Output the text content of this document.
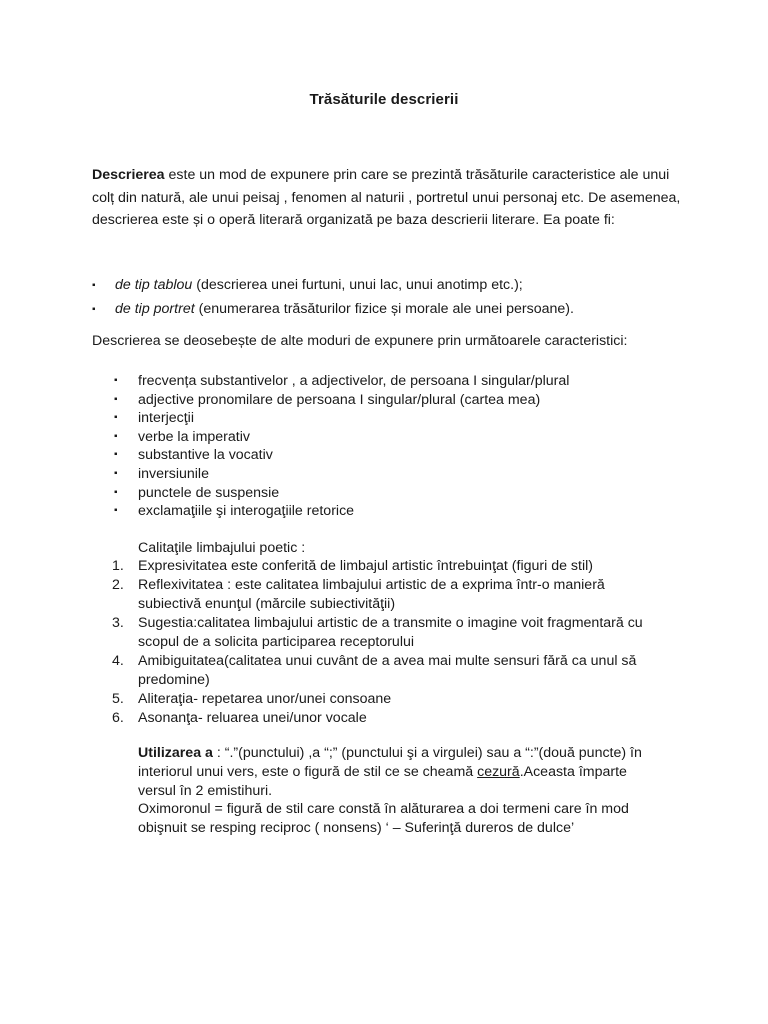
Trăsăturile descrierii
Descrierea este un mod de expunere prin care se prezintă trăsăturile caracteristice ale unui colț din natură, ale unui peisaj , fenomen al naturii , portretul unui personaj etc. De asemenea, descrierea este și o operă literară organizată pe baza descrierii literare. Ea poate fi:
▪ de tip tablou (descrierea unei furtuni, unui lac, unui anotimp etc.);
▪ de tip portret (enumerarea trăsăturilor fizice și morale ale unei persoane).
Descrierea se deosebește de alte moduri de expunere prin următoarele caracteristici:
▪ frecvența substantivelor , a adjectivelor, de persoana I singular/plural
▪ adjective pronomilare de persoana I singular/plural (cartea mea)
▪ interjecţii
▪ verbe la imperativ
▪ substantive la vocativ
▪ inversiunile
▪ punctele de suspensie
▪ exclamaţiile şi interogaţiile retorice
Calitaţile limbajului poetic :
1. Expresivitatea este conferită de limbajul artistic întrebuinţat (figuri de stil)
2. Reflexivitatea : este calitatea limbajului artistic de a exprima într-o manieră subiectivă enunţul (mărcile subiectivităţii)
3. Sugestia:calitatea limbajului artistic de a transmite o imagine voit fragmentară cu scopul de a solicita participarea receptorului
4. Amibiguitatea(calitatea unui cuvânt de a avea mai multe sensuri fără ca unul să predomine)
5. Aliteraţia- repetarea unor/unei consoane
6. Asonanţa- reluarea unei/unor vocale
Utilizarea a : “.”(punctului) ,a “;” (punctului şi a virgulei) sau a “:”(două puncte) în interiorul unui vers, este o figură de stil ce se cheamă cezură.Aceasta împarte versul în 2 emistihuri.
Oximoronul = figură de stil care constă în alăturarea a doi termeni care în mod obişnuit se resping reciproc ( nonsens) ‘ – Suferinţă dureros de dulce’
